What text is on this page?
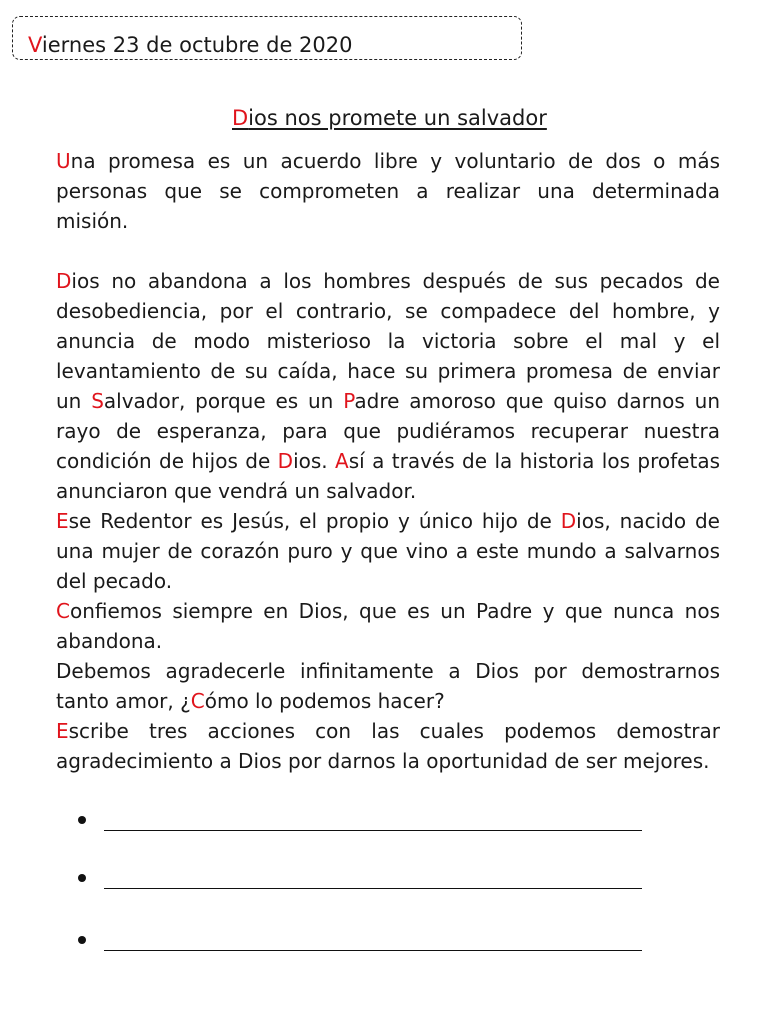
Viernes 23 de octubre de 2020
Dios nos promete un salvador

Una promesa es un acuerdo libre y voluntario de dos o más personas que se comprometen a realizar una determinada misión.

Dios no abandona a los hombres después de sus pecados de desobediencia, por el contrario, se compadece del hombre, y anuncia de modo misterioso la victoria sobre el mal y el levantamiento de su caída, hace su primera promesa de enviar un Salvador, porque es un Padre amoroso que quiso darnos un rayo de esperanza, para que pudiéramos recuperar nuestra condición de hijos de Dios. Así a través de la historia los profetas anunciaron que vendrá un salvador.

Ese Redentor es Jesús, el propio y único hijo de Dios, nacido de una mujer de corazón puro y que vino a este mundo a salvarnos del pecado.

Confiemos siempre en Dios, que es un Padre y que nunca nos abandona.

Debemos agradecerle infinitamente a Dios por demostrarnos tanto amor, ¿Cómo lo podemos hacer?

Escribe tres acciones con las cuales podemos demostrar agradecimiento a Dios por darnos la oportunidad de ser mejores.
